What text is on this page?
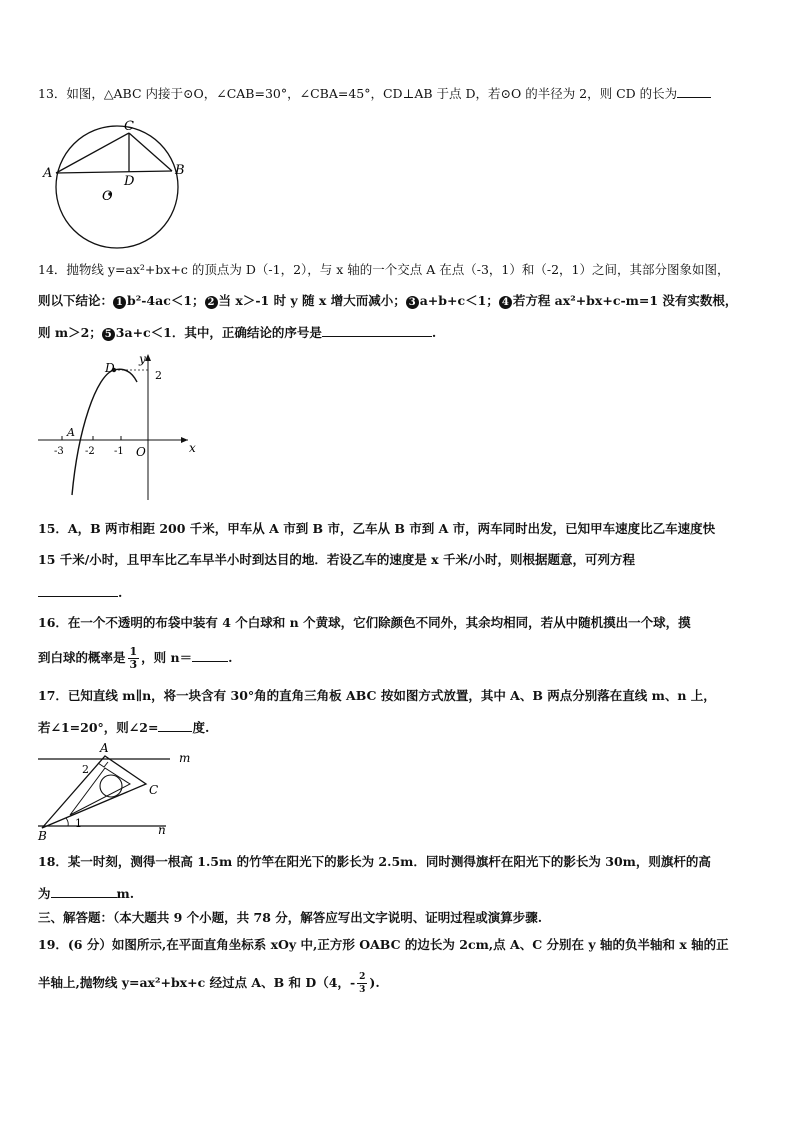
13．如图，△ABC 内接于⊙O，∠CAB=30°，∠CBA=45°，CD⊥AB 于点 D，若⊙O 的半径为 2，则 CD 的长为
C
A	B
D
O
14．抛物线 y=ax²+bx+c 的顶点为 D（-1，2），与 x 轴的一个交点 A 在点（-3，1）和（-2，1）之间，其部分图象如图，
则以下结论： 1 b²-4ac＜1； 2 当 x＞-1 时 y 随 x 增大而减小； 3 a+b+c＜1； 4 若方程 ax²+bx+c-m=1 没有实数根，
则 m＞2； 5 3a+c＜1．其中，正确结论的序号是	.
D
y
2
A
x
O
-3 -2 -1
15．A，B 两市相距 200 千米，甲车从 A 市到 B 市，乙车从 B 市到 A 市，两车同时出发，已知甲车速度比乙车速度快
15 千米/小时，且甲车比乙车早半小时到达目的地．若设乙车的速度是 x 千米/小时，则根据题意，可列方程
.
16．在一个不透明的布袋中装有 4 个白球和 n 个黄球，它们除颜色不同外，其余均相同，若从中随机摸出一个球，摸
到白球的概率是 $\frac{1}{3}$ ，则 n＝	.
17．已知直线 m∥n，将一块含有 30°角的直角三角板 ABC 按如图方式放置，其中 A、B 两点分别落在直线 m、n 上，
若∠1=20°，则∠2=	度.
A
m
C
B	n
1
2
18．某一时刻，测得一根高 1.5m 的竹竿在阳光下的影长为 2.5m．同时测得旗杆在阳光下的影长为 30m，则旗杆的高
为	m.
三、解答题：（本大题共 9 个小题，共 78 分，解答应写出文字说明、证明过程或演算步骤.
19．(6 分）如图所示,在平面直角坐标系 xOy 中,正方形 OABC 的边长为 2cm,点 A、C 分别在 y 轴的负半轴和 x 轴的正
半轴上,抛物线 y=ax²+bx+c 经过点 A、B 和 D（4，- $\frac{2}{3}$ ).
